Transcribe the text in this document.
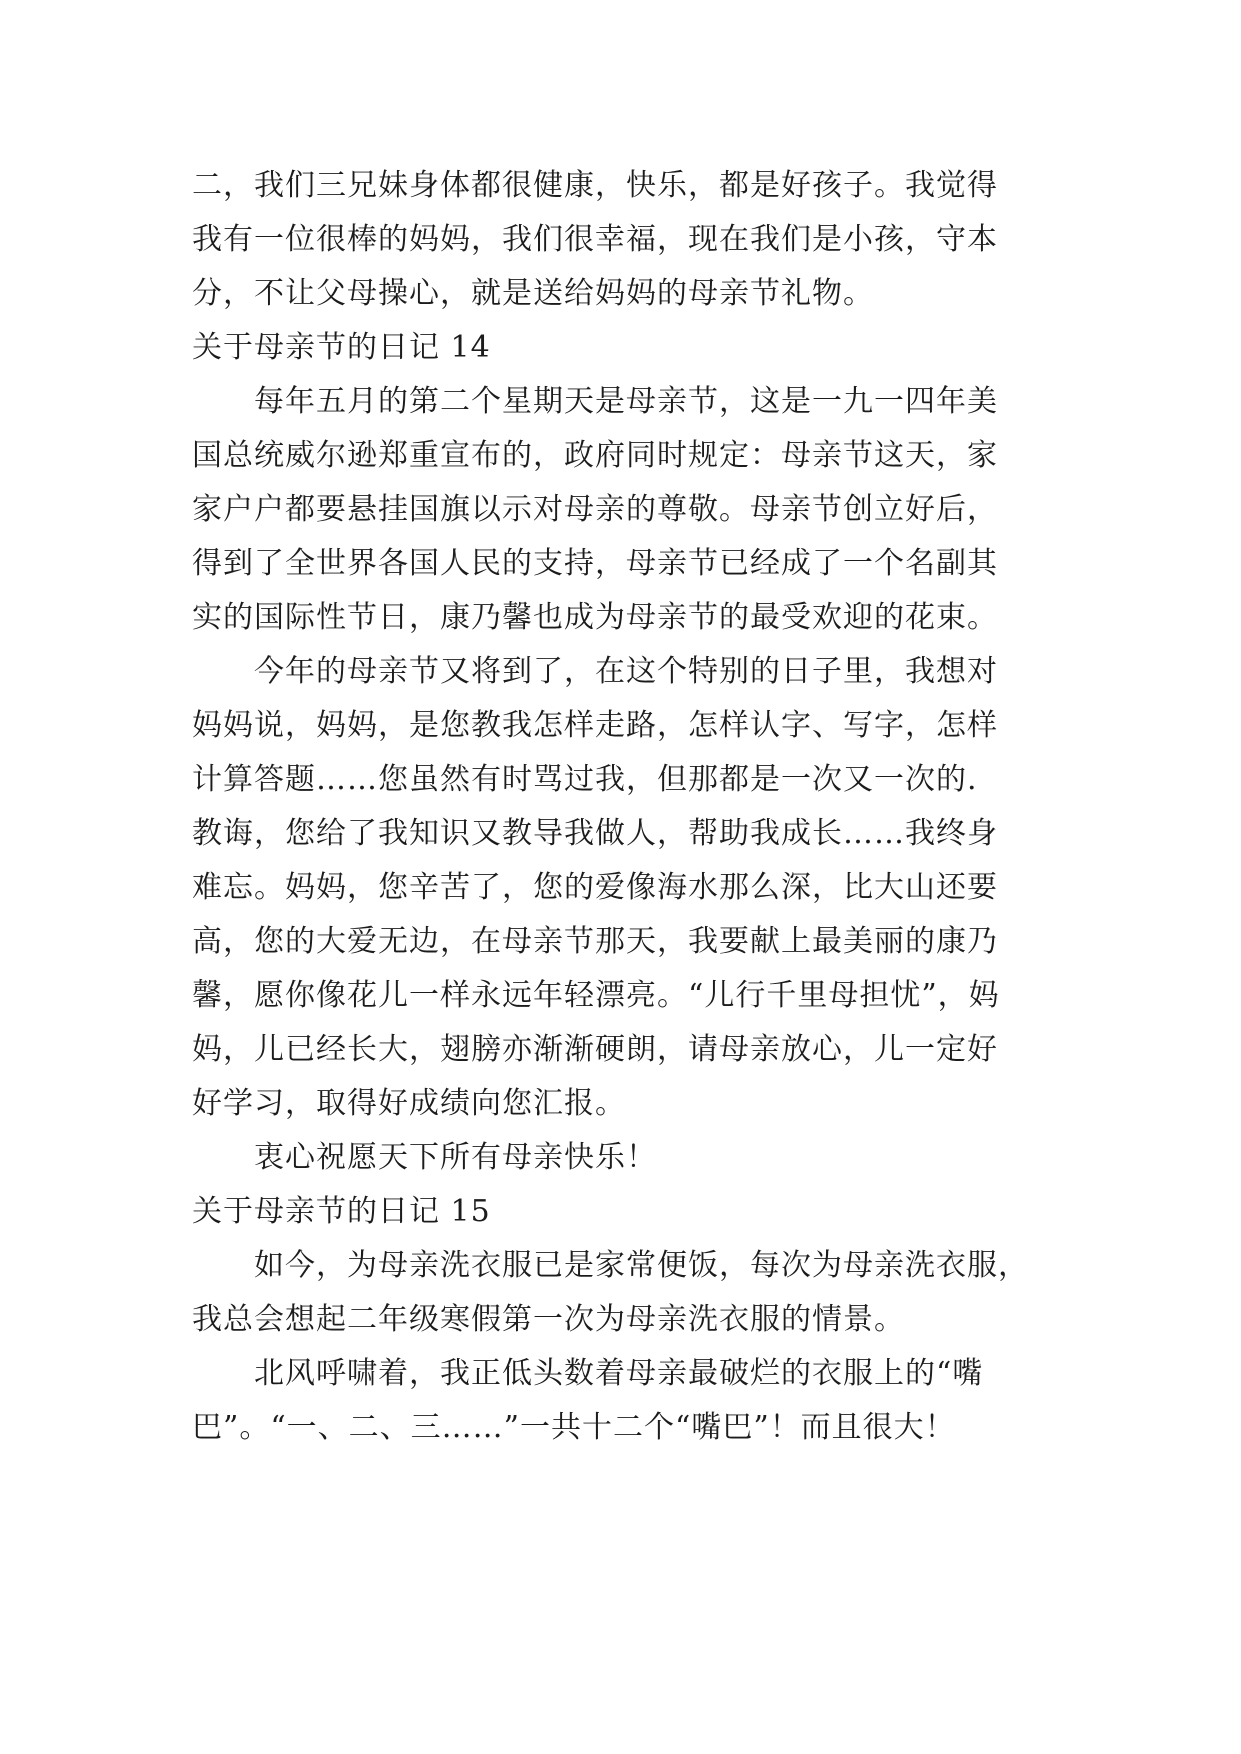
二，我们三兄妹身体都很健康，快乐，都是好孩子。我觉得
我有一位很棒的妈妈，我们很幸福，现在我们是小孩，守本
分，不让父母操心，就是送给妈妈的母亲节礼物。
关于母亲节的日记 14
每年五月的第二个星期天是母亲节，这是一九一四年美
国总统威尔逊郑重宣布的，政府同时规定：母亲节这天，家
家户户都要悬挂国旗以示对母亲的尊敬。母亲节创立好后，
得到了全世界各国人民的支持，母亲节已经成了一个名副其
实的国际性节日，康乃馨也成为母亲节的最受欢迎的花束。
今年的母亲节又将到了，在这个特别的日子里，我想对
妈妈说，妈妈，是您教我怎样走路，怎样认字、写字，怎样
计算答题……您虽然有时骂过我，但那都是一次又一次的.
教诲，您给了我知识又教导我做人，帮助我成长……我终身
难忘。妈妈，您辛苦了，您的爱像海水那么深，比大山还要
高，您的大爱无边，在母亲节那天，我要献上最美丽的康乃
馨，愿你像花儿一样永远年轻漂亮。“儿行千里母担忧”，妈
妈，儿已经长大，翅膀亦渐渐硬朗，请母亲放心，儿一定好
好学习，取得好成绩向您汇报。
衷心祝愿天下所有母亲快乐！
关于母亲节的日记 15
如今，为母亲洗衣服已是家常便饭，每次为母亲洗衣服，
我总会想起二年级寒假第一次为母亲洗衣服的情景。
北风呼啸着，我正低头数着母亲最破烂的衣服上的“嘴
巴”。“一、二、三……”一共十二个“嘴巴”！而且很大！
